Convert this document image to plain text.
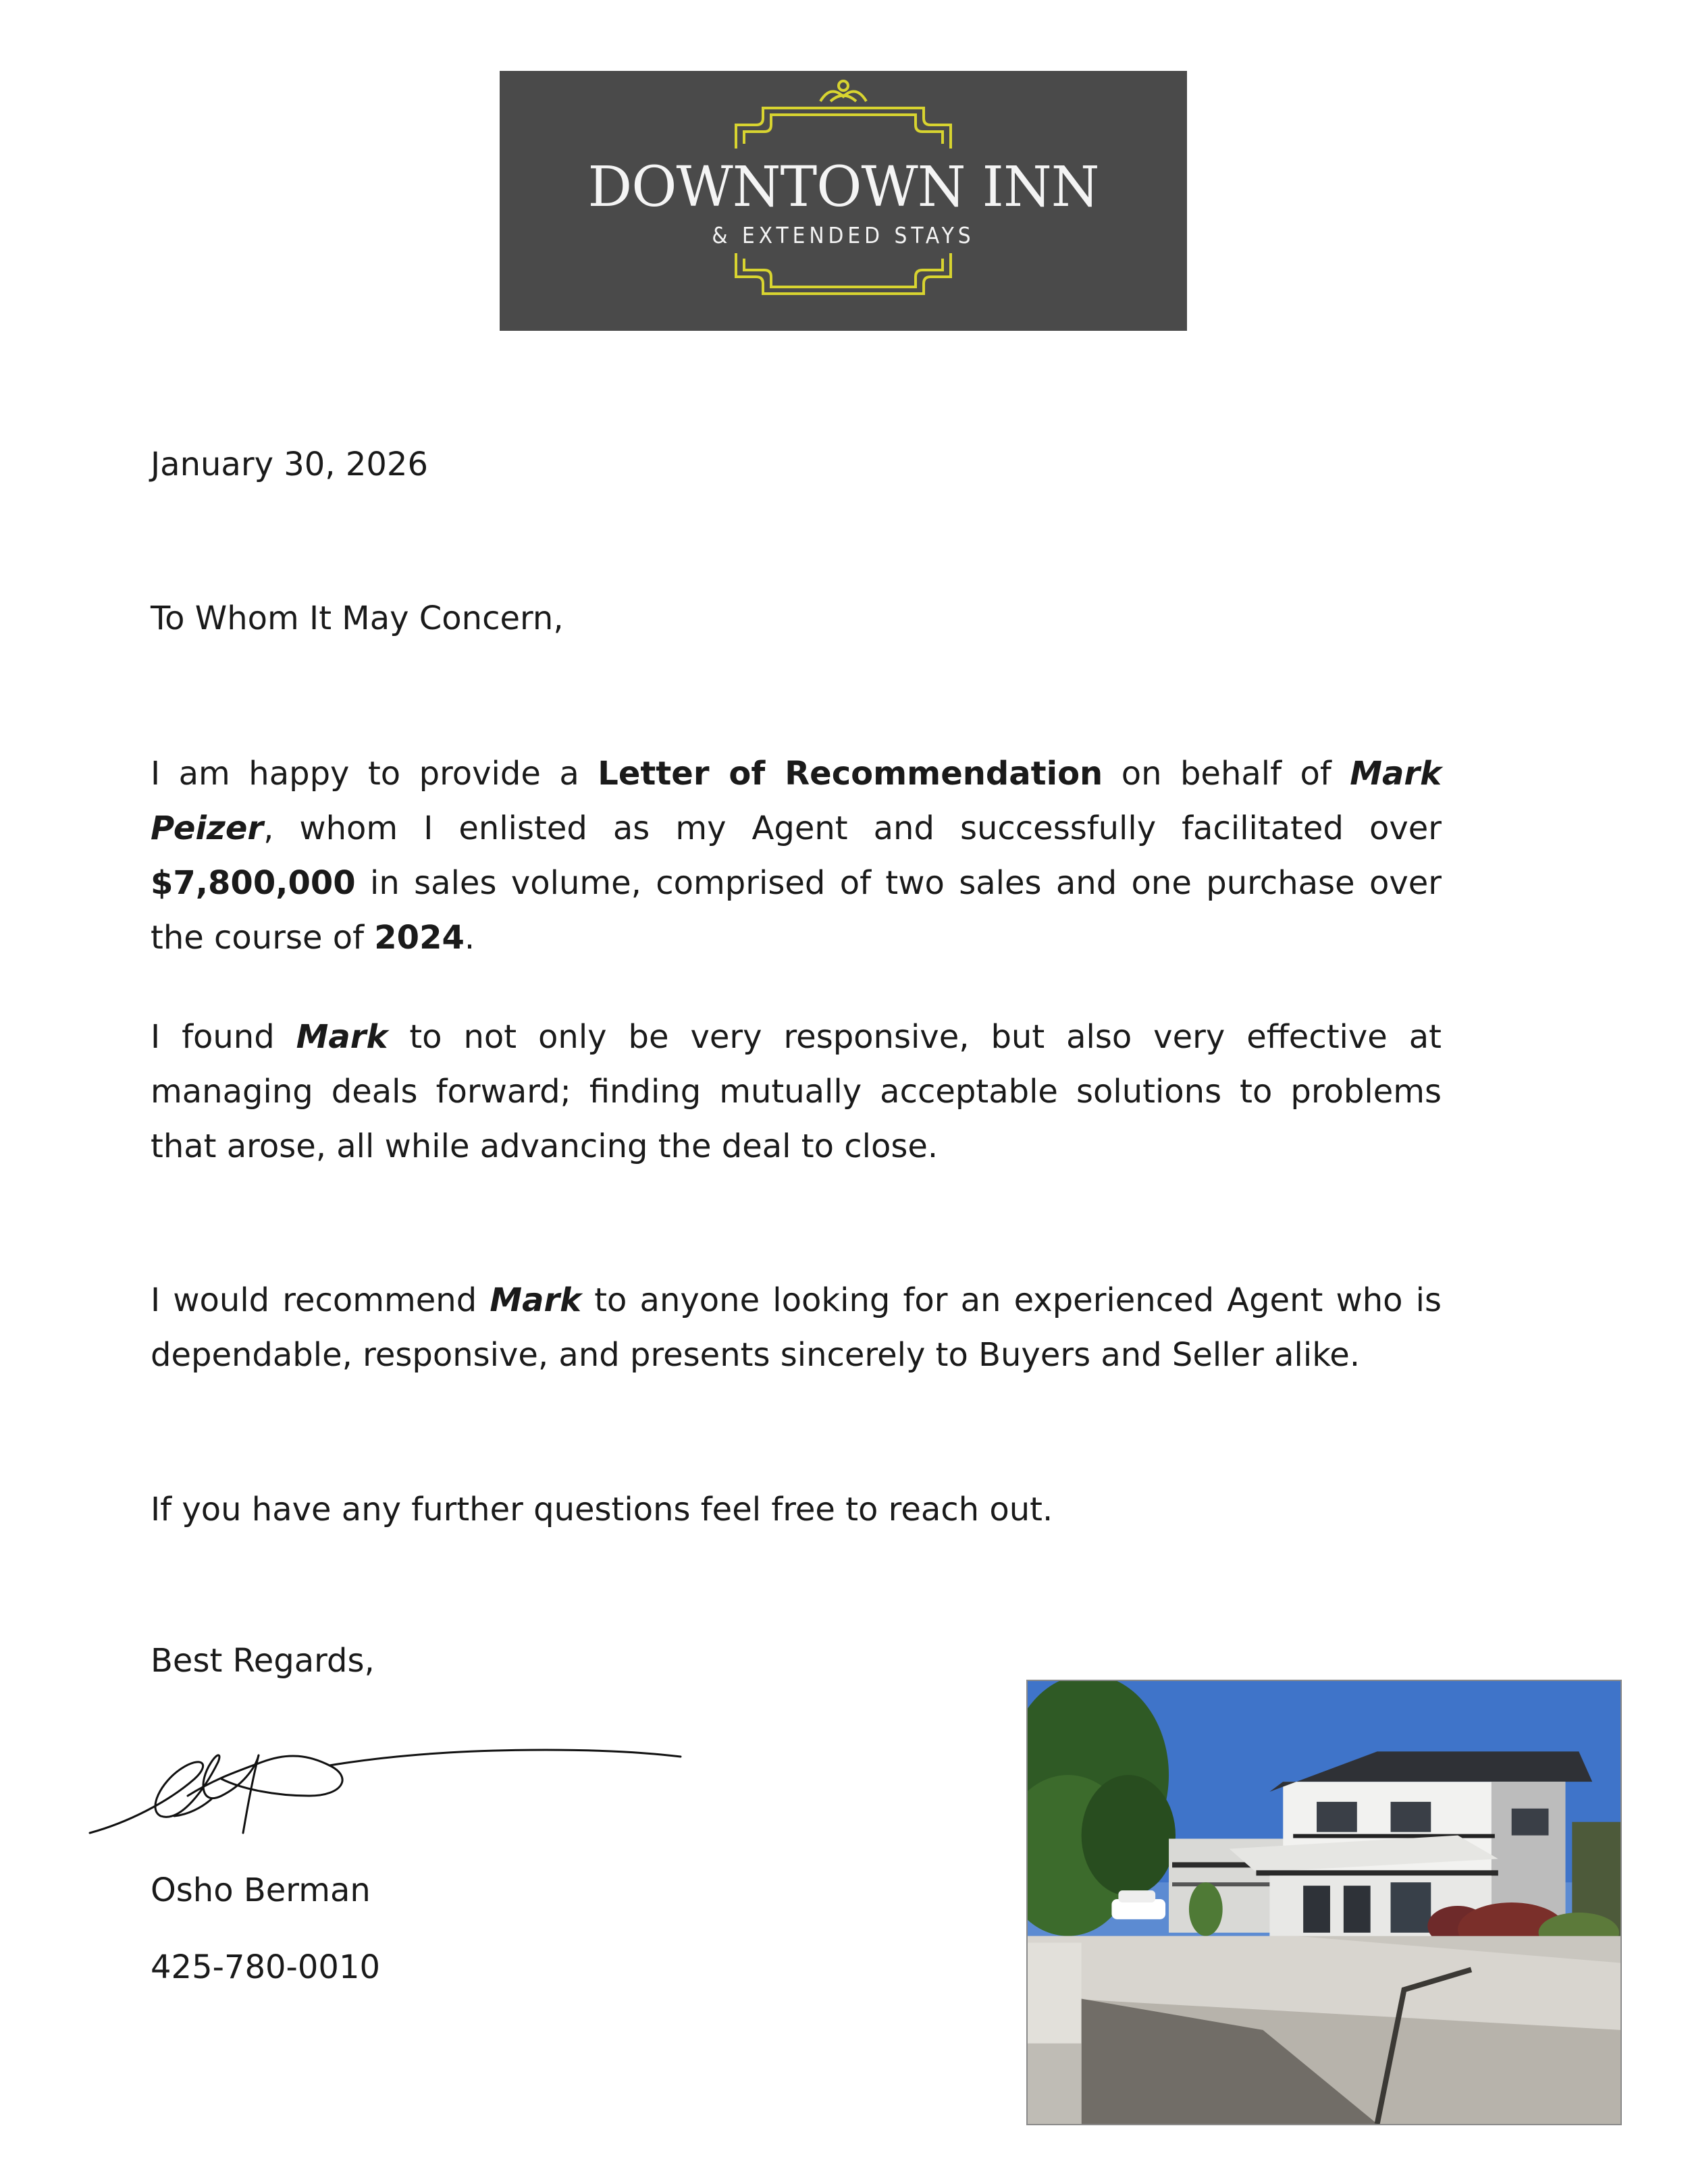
DOWNTOWN INN
& EXTENDED STAYS

January 30, 2026

To Whom It May Concern,

I am happy to provide a Letter of Recommendation on behalf of Mark Peizer, whom I enlisted as my Agent and successfully facilitated over $7,800,000 in sales volume, comprised of two sales and one purchase over the course of 2024.

I found Mark to not only be very responsive, but also very effective at managing deals forward; finding mutually acceptable solutions to problems that arose, all while advancing the deal to close.

I would recommend Mark to anyone looking for an experienced Agent who is dependable, responsive, and presents sincerely to Buyers and Seller alike.

If you have any further questions feel free to reach out.

Best Regards,

Osho Berman

425-780-0010
